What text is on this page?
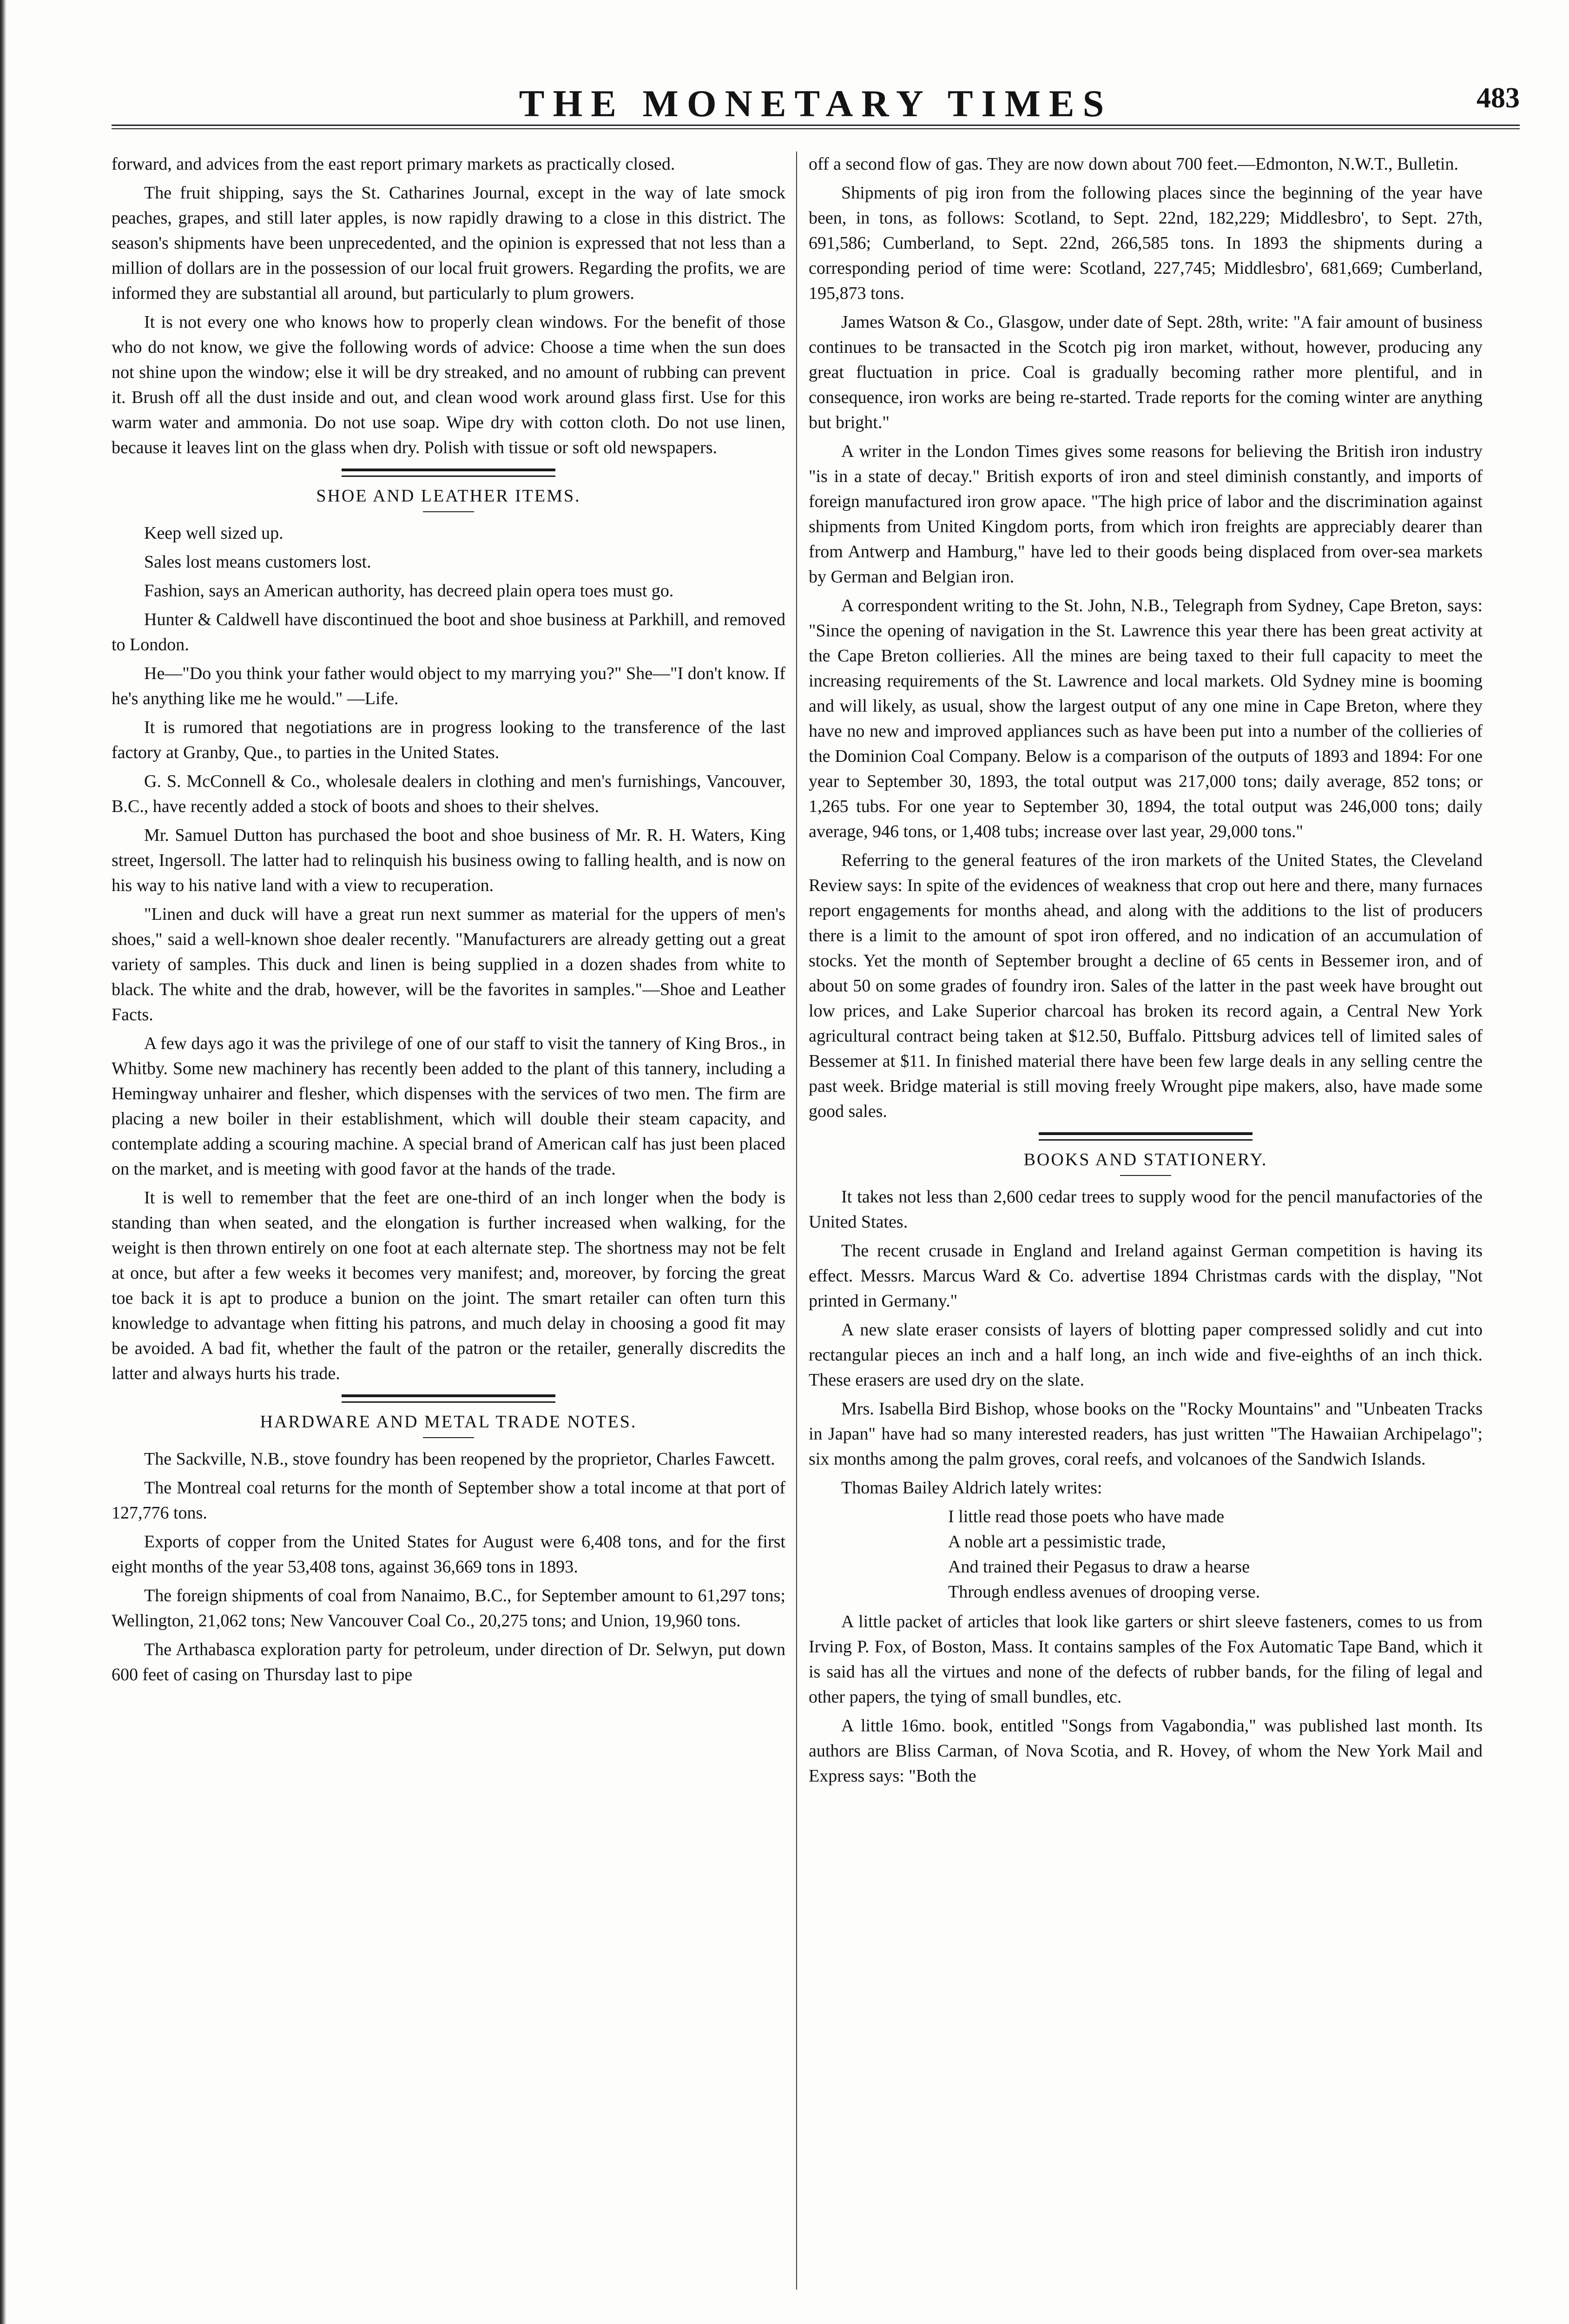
THE MONETARY TIMES	483

forward, and advices from the east report primary markets as practically closed.

The fruit shipping, says the St. Catharines Journal, except in the way of late smock peaches, grapes, and still later apples, is now rapidly drawing to a close in this district. The season's shipments have been unprecedented, and the opinion is expressed that not less than a million of dollars are in the possession of our local fruit growers. Regarding the profits, we are informed they are substantial all around, but particularly to plum growers.

It is not every one who knows how to properly clean windows. For the benefit of those who do not know, we give the following words of advice: Choose a time when the sun does not shine upon the window; else it will be dry streaked, and no amount of rubbing can prevent it. Brush off all the dust inside and out, and clean wood work around glass first. Use for this warm water and ammonia. Do not use soap. Wipe dry with cotton cloth. Do not use linen, because it leaves lint on the glass when dry. Polish with tissue or soft old newspapers.

SHOE AND LEATHER ITEMS.

Keep well sized up.

Sales lost means customers lost.

Fashion, says an American authority, has decreed plain opera toes must go.

Hunter & Caldwell have discontinued the boot and shoe business at Parkhill, and removed to London.

He—"Do you think your father would object to my marrying you?" She—"I don't know. If he's anything like me he would." —Life.

It is rumored that negotiations are in progress looking to the transference of the last factory at Granby, Que., to parties in the United States.

G. S. McConnell & Co., wholesale dealers in clothing and men's furnishings, Vancouver, B.C., have recently added a stock of boots and shoes to their shelves.

Mr. Samuel Dutton has purchased the boot and shoe business of Mr. R. H. Waters, King street, Ingersoll. The latter had to relinquish his business owing to falling health, and is now on his way to his native land with a view to recuperation.

"Linen and duck will have a great run next summer as material for the uppers of men's shoes," said a well-known shoe dealer recently. "Manufacturers are already getting out a great variety of samples. This duck and linen is being supplied in a dozen shades from white to black. The white and the drab, however, will be the favorites in samples."—Shoe and Leather Facts.

A few days ago it was the privilege of one of our staff to visit the tannery of King Bros., in Whitby. Some new machinery has recently been added to the plant of this tannery, including a Hemingway unhairer and flesher, which dispenses with the services of two men. The firm are placing a new boiler in their establishment, which will double their steam capacity, and contemplate adding a scouring machine. A special brand of American calf has just been placed on the market, and is meeting with good favor at the hands of the trade.

It is well to remember that the feet are one-third of an inch longer when the body is standing than when seated, and the elongation is further increased when walking, for the weight is then thrown entirely on one foot at each alternate step. The shortness may not be felt at once, but after a few weeks it becomes very manifest; and, moreover, by forcing the great toe back it is apt to produce a bunion on the joint. The smart retailer can often turn this knowledge to advantage when fitting his patrons, and much delay in choosing a good fit may be avoided. A bad fit, whether the fault of the patron or the retailer, generally discredits the latter and always hurts his trade.

HARDWARE AND METAL TRADE NOTES.

The Sackville, N.B., stove foundry has been reopened by the proprietor, Charles Fawcett.

The Montreal coal returns for the month of September show a total income at that port of 127,776 tons.

Exports of copper from the United States for August were 6,408 tons, and for the first eight months of the year 53,408 tons, against 36,669 tons in 1893.

The foreign shipments of coal from Nanaimo, B.C., for September amount to 61,297 tons; Wellington, 21,062 tons; New Vancouver Coal Co., 20,275 tons; and Union, 19,960 tons.

The Arthabasca exploration party for petroleum, under direction of Dr. Selwyn, put down 600 feet of casing on Thursday last to pipe

off a second flow of gas. They are now down about 700 feet.—Edmonton, N.W.T., Bulletin.

Shipments of pig iron from the following places since the beginning of the year have been, in tons, as follows: Scotland, to Sept. 22nd, 182,229; Middlesbro', to Sept. 27th, 691,586; Cumberland, to Sept. 22nd, 266,585 tons. In 1893 the shipments during a corresponding period of time were: Scotland, 227,745; Middlesbro', 681,669; Cumberland, 195,873 tons.

James Watson & Co., Glasgow, under date of Sept. 28th, write: "A fair amount of business continues to be transacted in the Scotch pig iron market, without, however, producing any great fluctuation in price. Coal is gradually becoming rather more plentiful, and in consequence, iron works are being re-started. Trade reports for the coming winter are anything but bright."

A writer in the London Times gives some reasons for believing the British iron industry "is in a state of decay." British exports of iron and steel diminish constantly, and imports of foreign manufactured iron grow apace. "The high price of labor and the discrimination against shipments from United Kingdom ports, from which iron freights are appreciably dearer than from Antwerp and Hamburg," have led to their goods being displaced from over-sea markets by German and Belgian iron.

A correspondent writing to the St. John, N.B., Telegraph from Sydney, Cape Breton, says: "Since the opening of navigation in the St. Lawrence this year there has been great activity at the Cape Breton collieries. All the mines are being taxed to their full capacity to meet the increasing requirements of the St. Lawrence and local markets. Old Sydney mine is booming and will likely, as usual, show the largest output of any one mine in Cape Breton, where they have no new and improved appliances such as have been put into a number of the collieries of the Dominion Coal Company. Below is a comparison of the outputs of 1893 and 1894: For one year to September 30, 1893, the total output was 217,000 tons; daily average, 852 tons; or 1,265 tubs. For one year to September 30, 1894, the total output was 246,000 tons; daily average, 946 tons, or 1,408 tubs; increase over last year, 29,000 tons."

Referring to the general features of the iron markets of the United States, the Cleveland Review says: In spite of the evidences of weakness that crop out here and there, many furnaces report engagements for months ahead, and along with the additions to the list of producers there is a limit to the amount of spot iron offered, and no indication of an accumulation of stocks. Yet the month of September brought a decline of 65 cents in Bessemer iron, and of about 50 on some grades of foundry iron. Sales of the latter in the past week have brought out low prices, and Lake Superior charcoal has broken its record again, a Central New York agricultural contract being taken at $12.50, Buffalo. Pittsburg advices tell of limited sales of Bessemer at $11. In finished material there have been few large deals in any selling centre the past week. Bridge material is still moving freely Wrought pipe makers, also, have made some good sales.

BOOKS AND STATIONERY.

It takes not less than 2,600 cedar trees to supply wood for the pencil manufactories of the United States.

The recent crusade in England and Ireland against German competition is having its effect. Messrs. Marcus Ward & Co. advertise 1894 Christmas cards with the display, "Not printed in Germany."

A new slate eraser consists of layers of blotting paper compressed solidly and cut into rectangular pieces an inch and a half long, an inch wide and five-eighths of an inch thick. These erasers are used dry on the slate.

Mrs. Isabella Bird Bishop, whose books on the "Rocky Mountains" and "Unbeaten Tracks in Japan" have had so many interested readers, has just written "The Hawaiian Archipelago"; six months among the palm groves, coral reefs, and volcanoes of the Sandwich Islands.

Thomas Bailey Aldrich lately writes:

I little read those poets who have made
A noble art a pessimistic trade,
And trained their Pegasus to draw a hearse
Through endless avenues of drooping verse.

A little packet of articles that look like garters or shirt sleeve fasteners, comes to us from Irving P. Fox, of Boston, Mass. It contains samples of the Fox Automatic Tape Band, which it is said has all the virtues and none of the defects of rubber bands, for the filing of legal and other papers, the tying of small bundles, etc.

A little 16mo. book, entitled "Songs from Vagabondia," was published last month. Its authors are Bliss Carman, of Nova Scotia, and R. Hovey, of whom the New York Mail and Express says: "Both the
